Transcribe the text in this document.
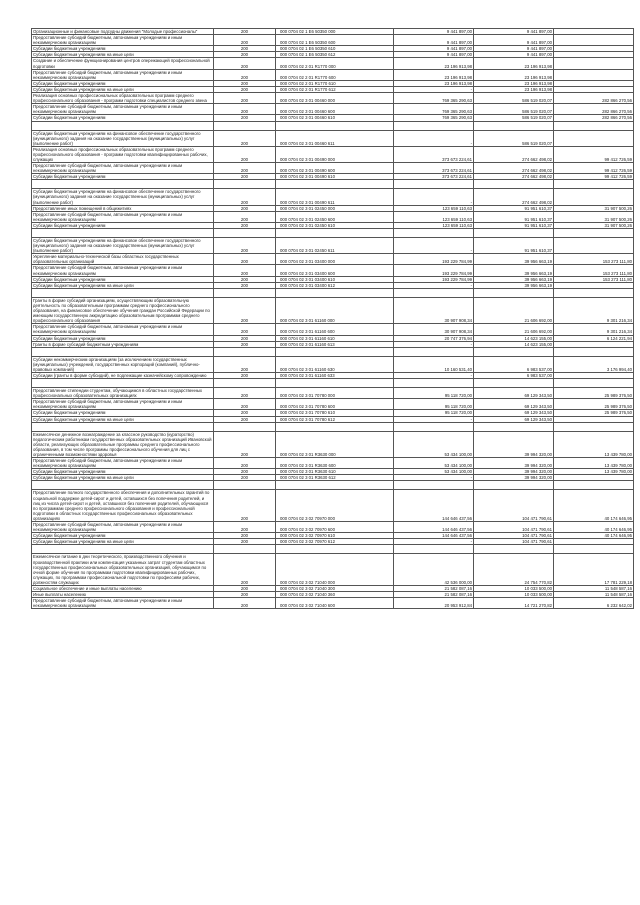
Организационные и финансовые подсудны движения "Молодые профессионалы"	200	000 0704 02 1 Е6 50350 000	9 441 897,00	9 441 897,00	
Предоставление субсидий бюджетным, автономным учреждениям и иным некоммерческим организациям	200	000 0704 02 1 Е6 50350 600	9 441 897,00	9 441 897,00	
Субсидии бюджетным учреждениям	200	000 0704 02 1 Е6 50350 610	9 441 897,00	9 441 897,00	
Субсидии бюджетным учреждениям на иные цели	200	000 0704 02 1 Е6 50350 612	9 441 897,00	9 441 897,00	
Создание и обеспечение функционирования центров опережающей профессиональной подготовки	200	000 0704 02 2 01 R1770 000	23 196 913,98	23 196 913,98	
Предоставление субсидий бюджетным, автономным учреждениям и иным некоммерческим организациям	200	000 0704 02 2 01 R1770 600	23 196 913,98	23 196 913,98	
Субсидии бюджетным учреждениям	200	000 0704 02 2 01 R1770 610	23 196 913,98	23 196 913,98	
Субсидии бюджетным учреждениям на иные цели	200	000 0704 02 2 01 R1770 612	-	23 196 913,98	
Реализация основных профессиональных образовательных программ среднего профессионального образования - программ подготовки специалистов среднего звена	200	000 0704 02 3 01 00460 000	769 365 290,63	586 519 020,07	282 866 270,56
Предоставление субсидий бюджетным, автономным учреждениям и иным некоммерческим организациям	200	000 0704 02 3 01 00460 600	769 365 290,63	586 519 020,07	282 866 270,56
Субсидии бюджетным учреждениям	200	000 0704 02 3 01 00460 610	769 365 290,63	586 519 020,07	282 866 270,56

Субсидии бюджетным учреждениям на финансовое обеспечение государственного (муниципального) задания на оказание государственных (муниципальных) услуг (выполнение работ)	200	000 0704 02 3 01 00460 611	-	586 519 020,07	
Реализация основных профессиональных образовательных программ среднего профессионального образования - программ подготовки квалифицированных рабочих, служащих	200	000 0704 02 3 01 00490 000	373 673 224,61	274 662 498,02	99 412 726,59
Предоставление субсидий бюджетным, автономным учреждениям и иным некоммерческим организациям	200	000 0704 02 3 01 00490 600	373 673 224,61	274 662 498,02	99 412 726,59
Субсидии бюджетным учреждениям	200	000 0704 02 3 01 00490 610	373 673 224,61	274 662 498,02	99 412 726,59

Субсидии бюджетным учреждениям на финансовое обеспечение государственного (муниципального) задания на оказание государственных (муниципальных) услуг (выполнение работ)	200	000 0704 02 3 01 00490 611	-	274 662 498,02	
Предоставление иных помещений в общежитиях	200	000 0704 02 3 01 02450 000	123 659 110,63	91 951 610,37	31 907 500,26
Предоставление субсидий бюджетным, автономным учреждениям и иным некоммерческим организациям	200	000 0704 02 3 01 02450 600	123 659 110,63	91 951 610,37	31 907 500,26
Субсидии бюджетным учреждениям	200	000 0704 02 3 01 02450 610	123 659 110,63	91 951 610,37	31 907 500,26

Субсидии бюджетным учреждениям на финансовое обеспечение государственного (муниципального) задания на оказание государственных (муниципальных) услуг (выполнение работ)	200	000 0704 02 3 01 02450 611	-	91 951 610,37	
Укрепление материально-технической базы областных государственных образовательных организаций	200	000 0704 02 3 01 03400 000	193 229 784,99	39 956 663,19	153 273 111,80
Предоставление субсидий бюджетным, автономным учреждениям и иным некоммерческим организациям	200	000 0704 02 3 01 03400 600	193 229 784,99	39 956 663,19	153 273 111,80
Субсидии бюджетным учреждениям	200	000 0704 02 3 01 03400 610	193 229 784,99	39 956 663,19	153 273 111,80
Субсидии бюджетным учреждениям на иные цели	200	000 0704 02 3 01 03400 612	-	39 956 663,19	

Гранты в форме субсидий организациям, осуществляющим образовательную деятельность по образовательным программам среднего профессионального образования, на финансовое обеспечение обучения граждан Российской Федерации по имеющим государственную аккредитацию образовательным программам среднего профессионального образования	200	000 0704 02 3 01 61160 000	30 907 908,34	21 606 692,00	9 301 216,34
Предоставление субсидий бюджетным, автономным учреждениям и иным некоммерческим организациям	200	000 0704 02 3 01 61160 600	30 907 908,34	21 606 692,00	9 301 216,34
Субсидии бюджетным учреждениям	200	000 0704 02 3 01 61160 610	20 747 376,94	14 623 155,00	6 124 221,94
Гранты в форме субсидий бюджетным учреждениям	200	000 0704 02 3 01 61160 613	-	14 623 155,00	

Субсидии некоммерческим организациям (за исключением государственных (муниципальных) учреждений, государственных корпораций (компаний), публично-правовых компаний)	200	000 0704 02 3 01 61160 630	10 160 531,40	6 983 537,00	3 176 994,40
Субсидии (гранты в форме субсидий), не подлежащие казначейскому сопровождению	200	000 0704 02 3 01 61160 633	-	6 983 537,00	

Предоставление стипендии студентам, обучающимся в областных государственных профессиональных образовательных организациях	200	000 0704 02 3 01 70780 000	95 118 720,00	69 129 343,50	25 989 376,50
Предоставление субсидий бюджетным, автономным учреждениям и иным некоммерческим организациям	200	000 0704 02 3 01 70780 600	95 118 720,00	69 129 343,50	25 989 376,50
Субсидии бюджетным учреждениям	200	000 0704 02 3 01 70780 610	95 118 720,00	69 129 343,50	25 989 376,50
Субсидии бюджетным учреждениям на иные цели	200	000 0704 02 3 01 70780 612	-	69 129 343,50	

Ежемесячное денежное вознаграждение за классное руководство (кураторство) педагогическим работникам государственных образовательных организаций Ивановской области, реализующих образовательные программы среднего профессионального образования, в том числе программы профессионального обучения для лиц с ограниченными возможностями здоровья	200	000 0704 02 3 01 R3630 000	53 434 100,00	39 994 320,00	13 439 780,00
Предоставление субсидий бюджетным, автономным учреждениям и иным некоммерческим организациям	200	000 0704 02 3 01 R3630 600	53 434 100,00	39 994 320,00	13 439 780,00
Субсидии бюджетным учреждениям	200	000 0704 02 3 01 R3630 610	53 434 100,00	39 994 320,00	13 439 780,00
Субсидии бюджетным учреждениям на иные цели	200	000 0704 02 3 01 R3630 612	-	39 994 320,00	

Предоставление полного государственного обеспечения и дополнительных гарантий по социальной поддержке детей-сирот и детей, оставшихся без попечения родителей, и лиц из числа детей-сирот и детей, оставшихся без попечения родителей, обучающихся по программам среднего профессионального образования и профессиональной подготовки в областных государственных профессиональных образовательных организациях	200	000 0704 02 3 02 70970 000	144 646 437,56	104 471 790,61	40 174 646,95
Предоставление субсидий бюджетным, автономным учреждениям и иным некоммерческим организациям	200	000 0704 02 3 02 70970 600	144 646 437,56	104 471 790,61	40 174 646,95
Субсидии бюджетным учреждениям	200	000 0704 02 3 02 70970 610	144 646 437,56	104 471 790,61	40 174 646,95
Субсидии бюджетным учреждениям на иные цели	200	000 0704 02 3 02 70970 612	-	104 471 790,61	

Ежемесячное питание в дни теоретического, производственного обучения и производственной практики или компенсация указанных затрат студентам областных государственных профессиональных образовательных организаций, обучающимся по очной форме обучения по программам подготовки квалифицированных рабочих, служащих, по программам профессиональной подготовки по профессиям рабочих, должностям служащих	200	000 0704 02 3 02 71040 000	42 536 000,00	24 754 770,82	17 781 229,18
Социальное обеспечение и иные выплаты населению	200	000 0704 02 3 02 71040 300	21 582 087,16	10 033 500,00	11 548 587,16
Иные выплаты населению	200	000 0704 02 3 02 71040 360	21 582 087,16	10 033 500,00	11 548 587,16
Предоставление субсидий бюджетным, автономным учреждениям и иным некоммерческим организациям	200	000 0704 02 3 02 71040 600	20 953 912,84	14 721 270,82	6 232 642,02
